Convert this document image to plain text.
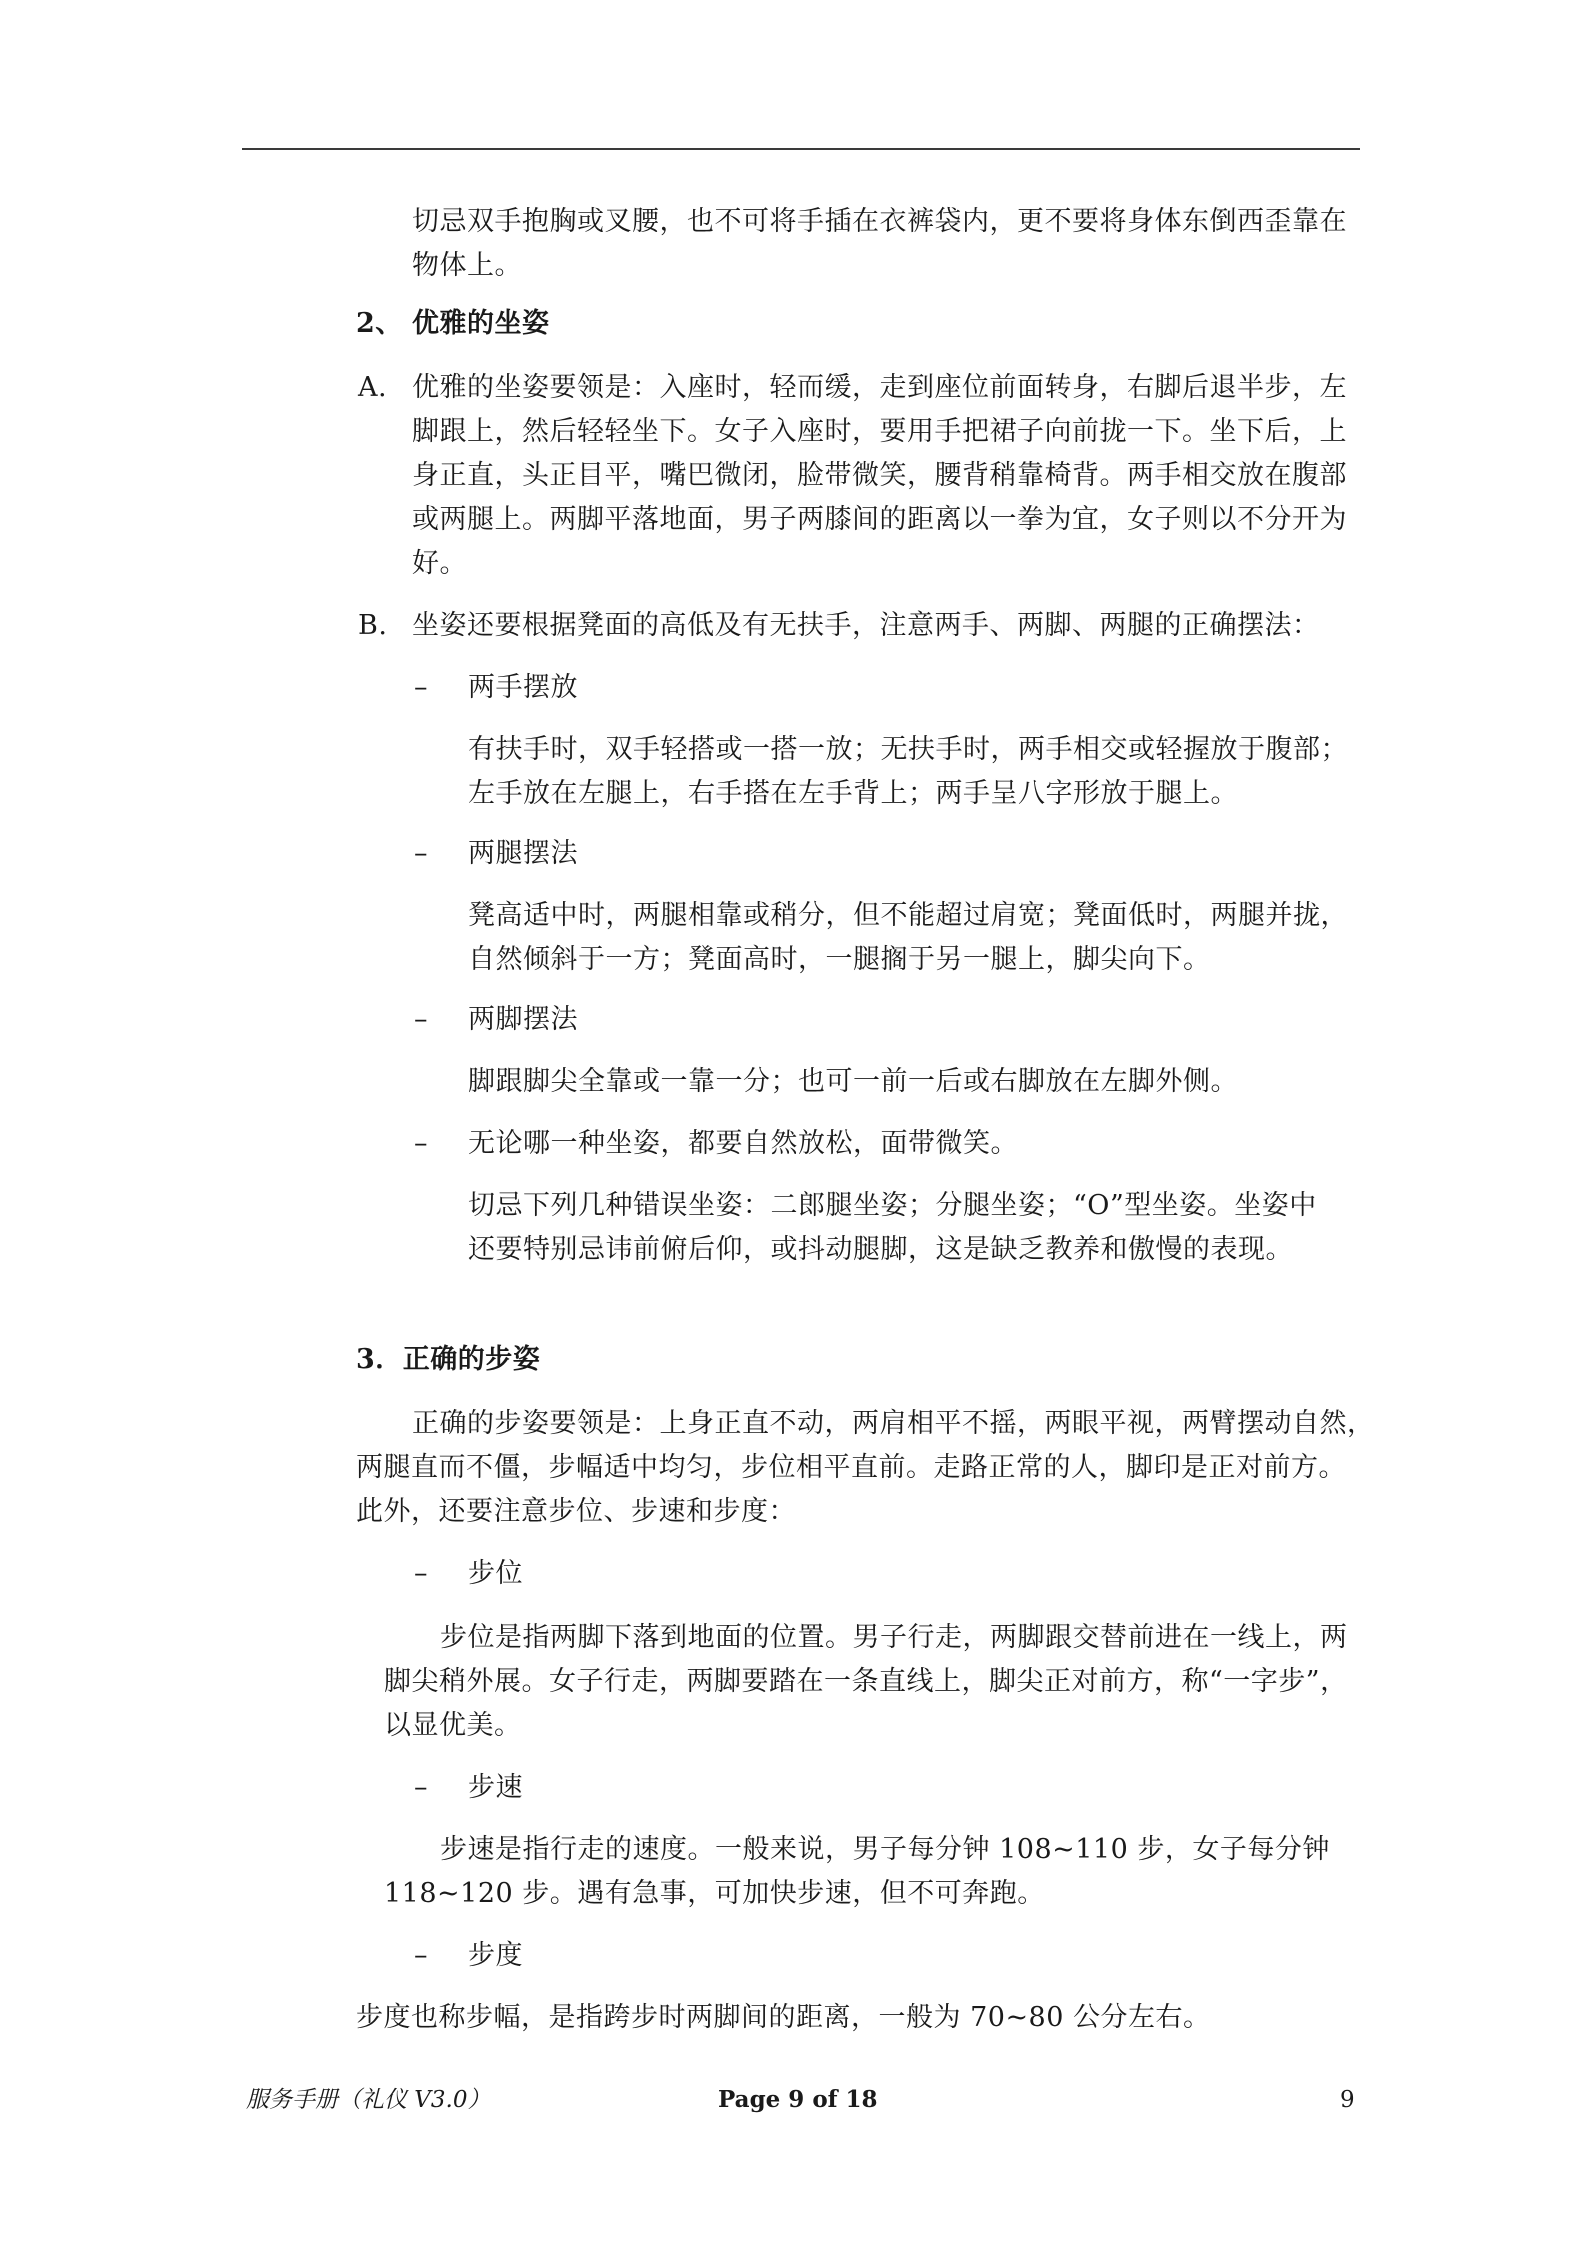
切忌双手抱胸或叉腰，也不可将手插在衣裤袋内，更不要将身体东倒西歪靠在

物体上。

2、 优雅的坐姿

A. 优雅的坐姿要领是：入座时，轻而缓，走到座位前面转身，右脚后退半步，左

脚跟上，然后轻轻坐下。女子入座时，要用手把裙子向前拢一下。坐下后，上

身正直，头正目平，嘴巴微闭，脸带微笑，腰背稍靠椅背。两手相交放在腹部

或两腿上。两脚平落地面，男子两膝间的距离以一拳为宜，女子则以不分开为

好。

B. 坐姿还要根据凳面的高低及有无扶手，注意两手、两脚、两腿的正确摆法：

– 两手摆放

有扶手时，双手轻搭或一搭一放；无扶手时，两手相交或轻握放于腹部；

左手放在左腿上，右手搭在左手背上；两手呈八字形放于腿上。

– 两腿摆法

凳高适中时，两腿相靠或稍分，但不能超过肩宽；凳面低时，两腿并拢，

自然倾斜于一方；凳面高时，一腿搁于另一腿上，脚尖向下。

– 两脚摆法

脚跟脚尖全靠或一靠一分；也可一前一后或右脚放在左脚外侧。

– 无论哪一种坐姿，都要自然放松，面带微笑。

切忌下列几种错误坐姿：二郎腿坐姿；分腿坐姿；“O”型坐姿。坐姿中

还要特别忌讳前俯后仰，或抖动腿脚，这是缺乏教养和傲慢的表现。

3．正确的步姿

正确的步姿要领是：上身正直不动，两肩相平不摇，两眼平视，两臂摆动自然，

两腿直而不僵，步幅适中均匀，步位相平直前。走路正常的人，脚印是正对前方。

此外，还要注意步位、步速和步度：

– 步位

步位是指两脚下落到地面的位置。男子行走，两脚跟交替前进在一线上，两

脚尖稍外展。女子行走，两脚要踏在一条直线上，脚尖正对前方，称“一字步”，

以显优美。

– 步速

步速是指行走的速度。一般来说，男子每分钟 108~110 步，女子每分钟

118~120 步。遇有急事，可加快步速，但不可奔跑。

– 步度

步度也称步幅，是指跨步时两脚间的距离，一般为 70~80 公分左右。

服务手册（礼仪 V3.0）	Page 9 of 18	9
